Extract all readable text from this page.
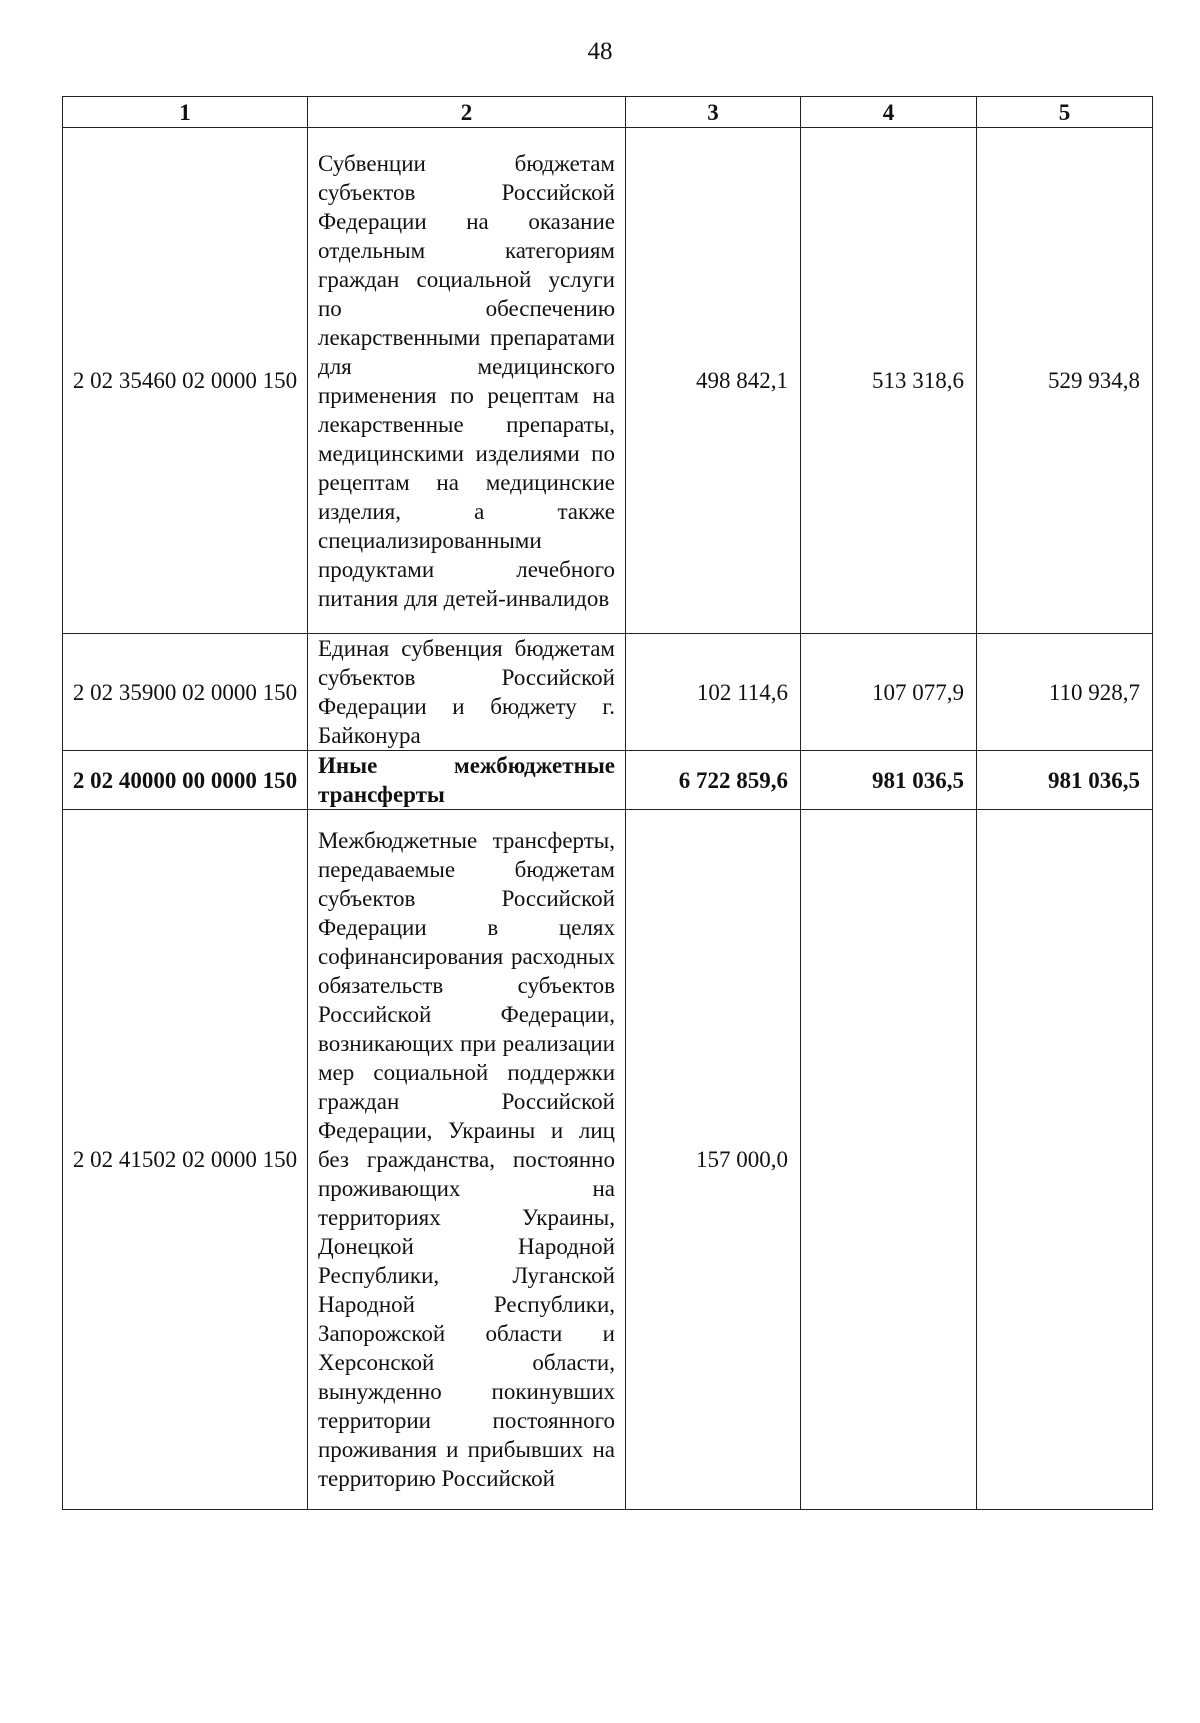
48
1	2	3	4	5
2 02 35460 02 0000 150	Субвенции бюджетам субъектов Российской Федерации на оказание отдельным категориям граждан социальной услуги по обеспечению лекарственными препаратами для медицинского применения по рецептам на лекарственные препараты, медицинскими изделиями по рецептам на медицинские изделия, а также специализированными продуктами лечебного питания для детей-инвалидов	498 842,1	513 318,6	529 934,8
2 02 35900 02 0000 150	Единая субвенция бюджетам субъектов Российской Федерации и бюджету г. Байконура	102 114,6	107 077,9	110 928,7
2 02 40000 00 0000 150	Иные межбюджетные трансферты	6 722 859,6	981 036,5	981 036,5
2 02 41502 02 0000 150	Межбюджетные трансферты, передаваемые бюджетам субъектов Российской Федерации в целях софинансирования расходных обязательств субъектов Российской Федерации, возникающих при реализации мер социальной поддержки граждан Российской Федерации, Украины и лиц без гражданства, постоянно проживающих на территориях Украины, Донецкой Народной Республики, Луганской Народной Республики, Запорожской области и Херсонской области, вынужденно покинувших территории постоянного проживания и прибывших на территорию Российской	157 000,0		
